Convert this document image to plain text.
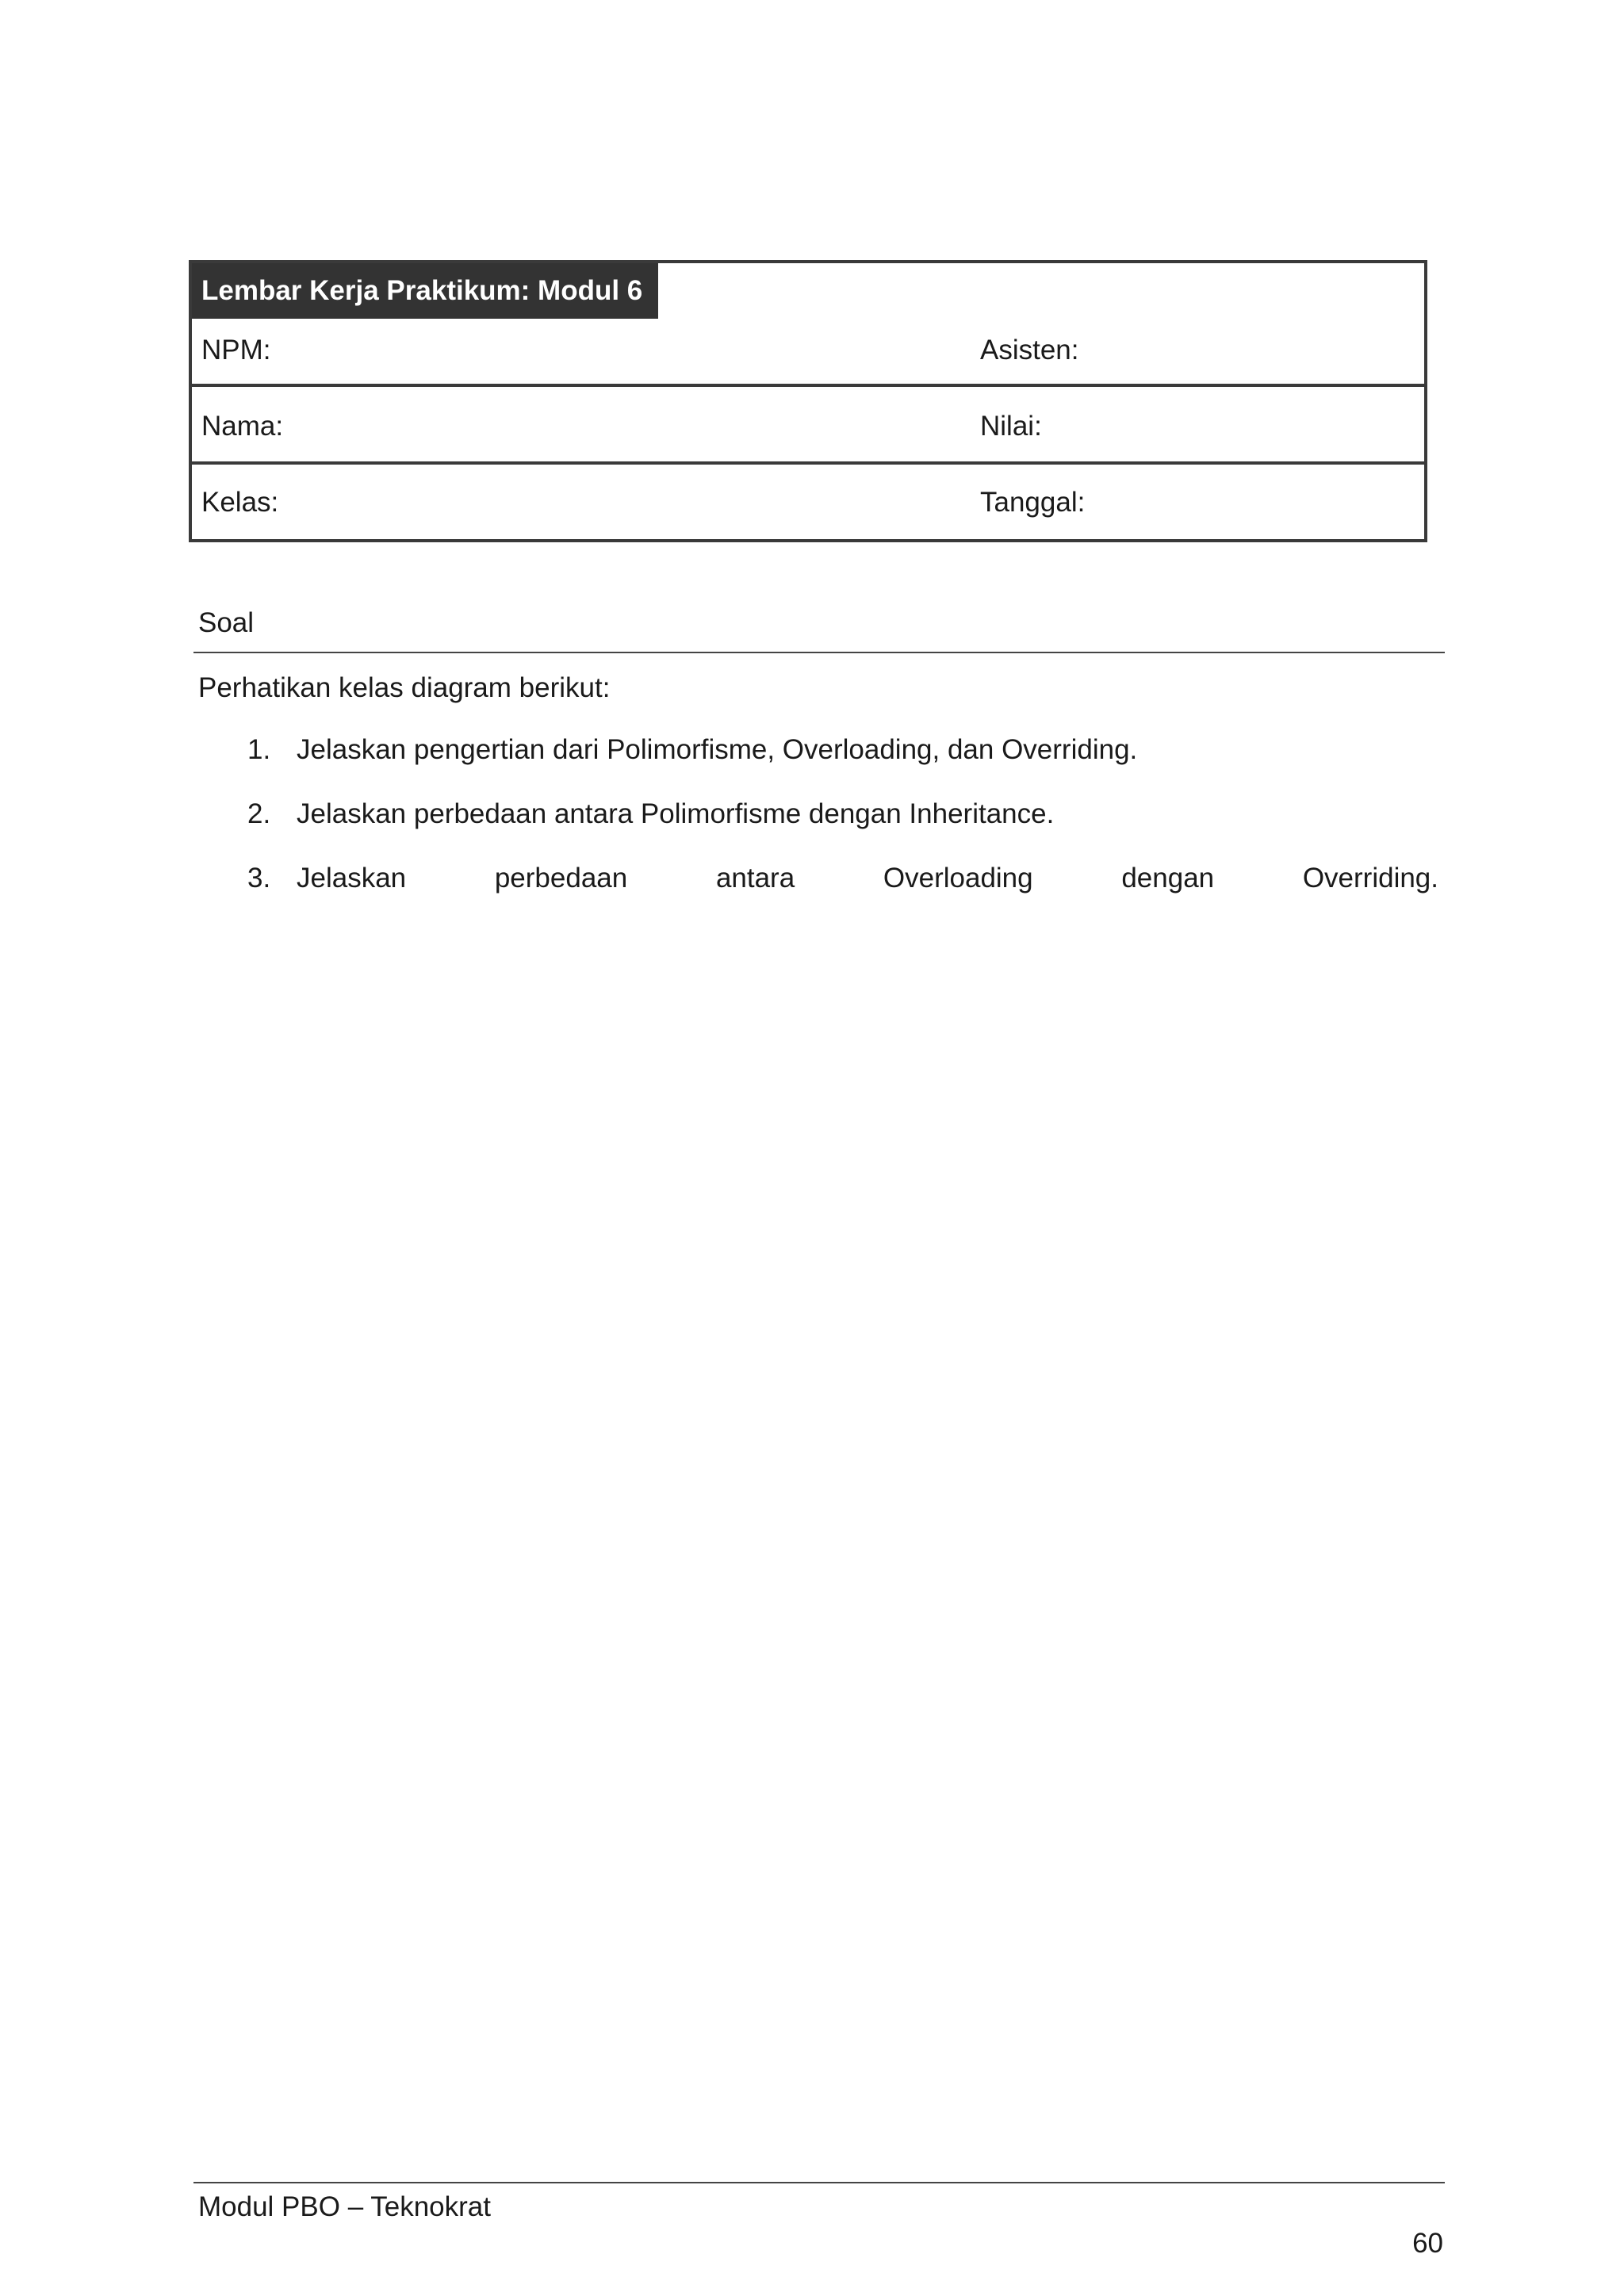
Lembar Kerja Praktikum: Modul 6
NPM:	Asisten:
Nama:	Nilai:
Kelas:	Tanggal:
Soal
Perhatikan kelas diagram berikut:
1. Jelaskan pengertian dari Polimorfisme, Overloading, dan Overriding.
2. Jelaskan perbedaan antara Polimorfisme dengan Inheritance.
3. Jelaskan	perbedaan	antara	Overloading	dengan	Overriding.
Modul PBO – Teknokrat
60
